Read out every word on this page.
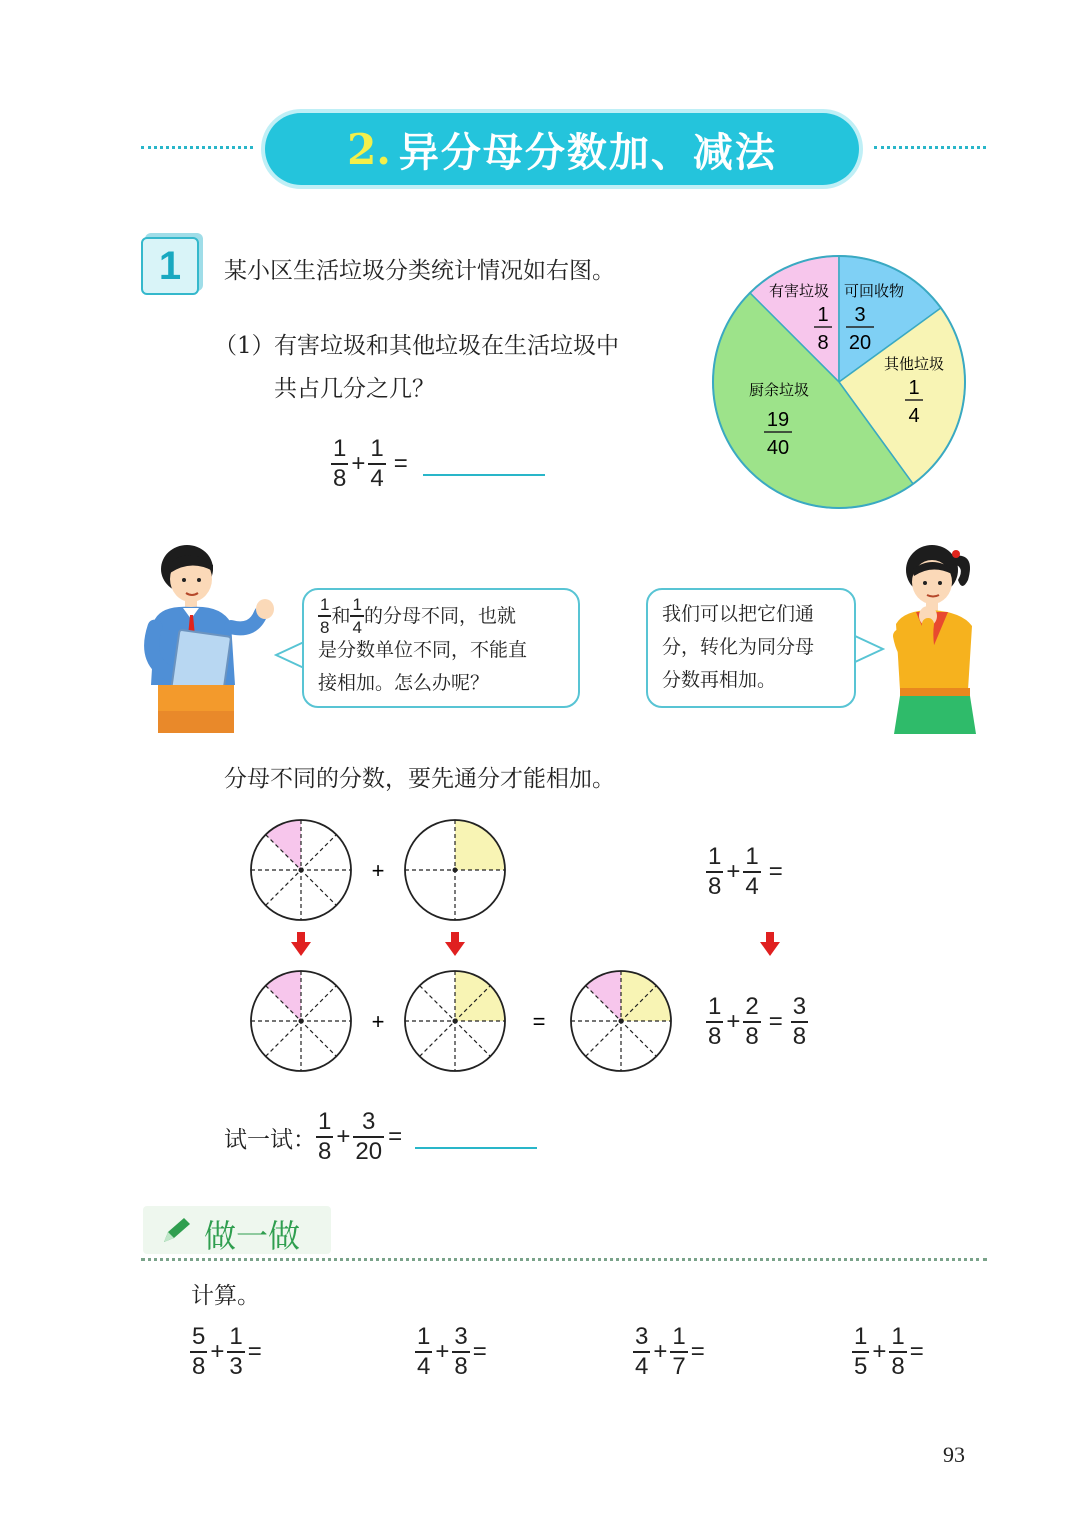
2. 异分母分数加、减法
1	某小区生活垃圾分类统计情况如右图。
（1） 有害垃圾和其他垃圾在生活垃圾中
共占几分之几？
$\frac{1}{8} + \frac{1}{4}$ =
有害垃圾
1
8
可回收物
3
20
其他垃圾
1
4
厨余垃圾
19
40
$\frac{1}{8}$ 和 $\frac{1}{4}$ 的分母不同，也就
是分数单位不同，不能直
接相加。怎么办呢？
我们可以把它们通
分，转化为同分母
分数再相加。
分母不同的分数，要先通分才能相加。
+
+	=
$\frac{1}{8} + \frac{1}{4}$ =
$\frac{1}{8} + \frac{2}{8} = \frac{3}{8}$
试一试： $\frac{1}{8} + \frac{3}{20}$ =
做一做
计算。
$\frac{5}{8} + \frac{1}{3}$ =	$\frac{1}{4} + \frac{3}{8}$ =	$\frac{3}{4} + \frac{1}{7}$ =	$\frac{1}{5} + \frac{1}{8}$ =
93
